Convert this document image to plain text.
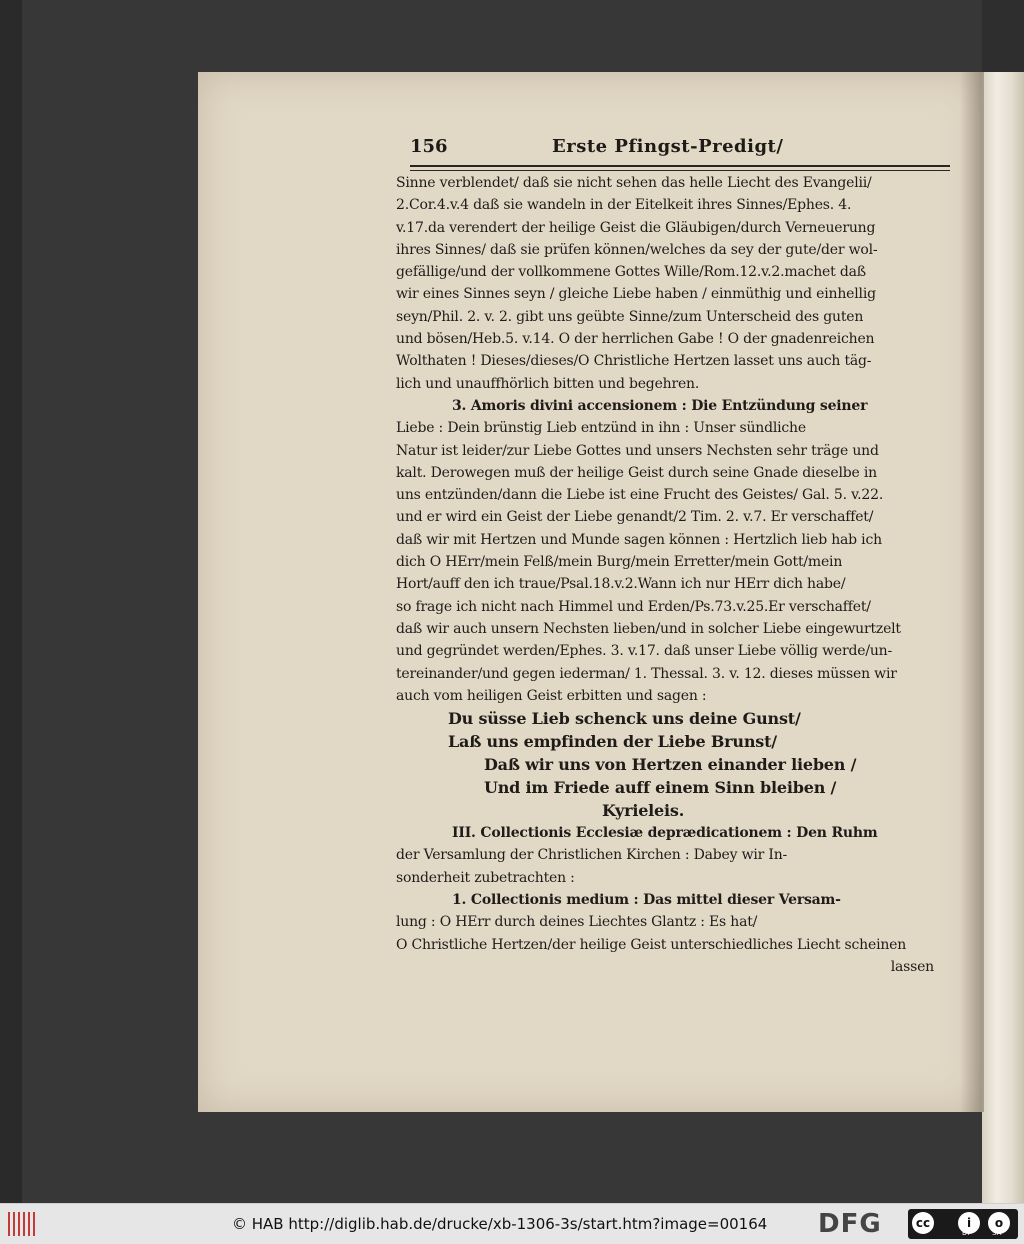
156	Erste Pfingst-Predigt/
Sinne verblendet/ daß sie nicht sehen das helle Liecht des Evangelii/
2.Cor.4.v.4 daß sie wandeln in der Eitelkeit ihres Sinnes/Ephes. 4.
v.17.da verendert der heilige Geist die Gläubigen/durch Verneuerung
ihres Sinnes/ daß sie prüfen können/welches da sey der gute/der wol-
gefällige/und der vollkommene Gottes Wille/Rom.12.v.2.machet daß
wir eines Sinnes seyn / gleiche Liebe haben / einmüthig und einhellig
seyn/Phil. 2. v. 2. gibt uns geübte Sinne/zum Unterscheid des guten
und bösen/Heb.5. v.14. O der herrlichen Gabe ! O der gnadenreichen
Wolthaten ! Dieses/dieses/O Christliche Hertzen lasset uns auch täg-
lich und unauffhörlich bitten und begehren.
3. Amoris divini accensionem : Die Entzündung seiner
Liebe : Dein brünstig Lieb entzünd in ihn : Unser sündliche
Natur ist leider/zur Liebe Gottes und unsers Nechsten sehr träge und
kalt. Derowegen muß der heilige Geist durch seine Gnade dieselbe in
uns entzünden/dann die Liebe ist eine Frucht des Geistes/ Gal. 5. v.22.
und er wird ein Geist der Liebe genandt/2 Tim. 2. v.7. Er verschaffet/
daß wir mit Hertzen und Munde sagen können : Hertzlich lieb hab ich
dich O HErr/mein Felß/mein Burg/mein Erretter/mein Gott/mein
Hort/auff den ich traue/Psal.18.v.2.Wann ich nur HErr dich habe/
so frage ich nicht nach Himmel und Erden/Ps.73.v.25.Er verschaffet/
daß wir auch unsern Nechsten lieben/und in solcher Liebe eingewurtzelt
und gegründet werden/Ephes. 3. v.17. daß unser Liebe völlig werde/un-
tereinander/und gegen iederman/ 1. Thessal. 3. v. 12. dieses müssen wir
auch vom heiligen Geist erbitten und sagen :
Du süsse Lieb schenck uns deine Gunst/
Laß uns empfinden der Liebe Brunst/
Daß wir uns von Hertzen einander lieben /
Und im Friede auff einem Sinn bleiben /
Kyrieleis.
III. Collectionis Ecclesiæ deprædicationem : Den Ruhm
der Versamlung der Christlichen Kirchen : Dabey wir In-
sonderheit zubetrachten :
1. Collectionis medium : Das mittel dieser Versam-
lung : O HErr durch deines Liechtes Glantz : Es hat/
O Christliche Hertzen/der heilige Geist unterschiedliches Liecht scheinen
lassen
© HAB http://diglib.hab.de/drucke/xb-1306-3s/start.htm?image=00164 DFG	cc	i	o
BY	SA
